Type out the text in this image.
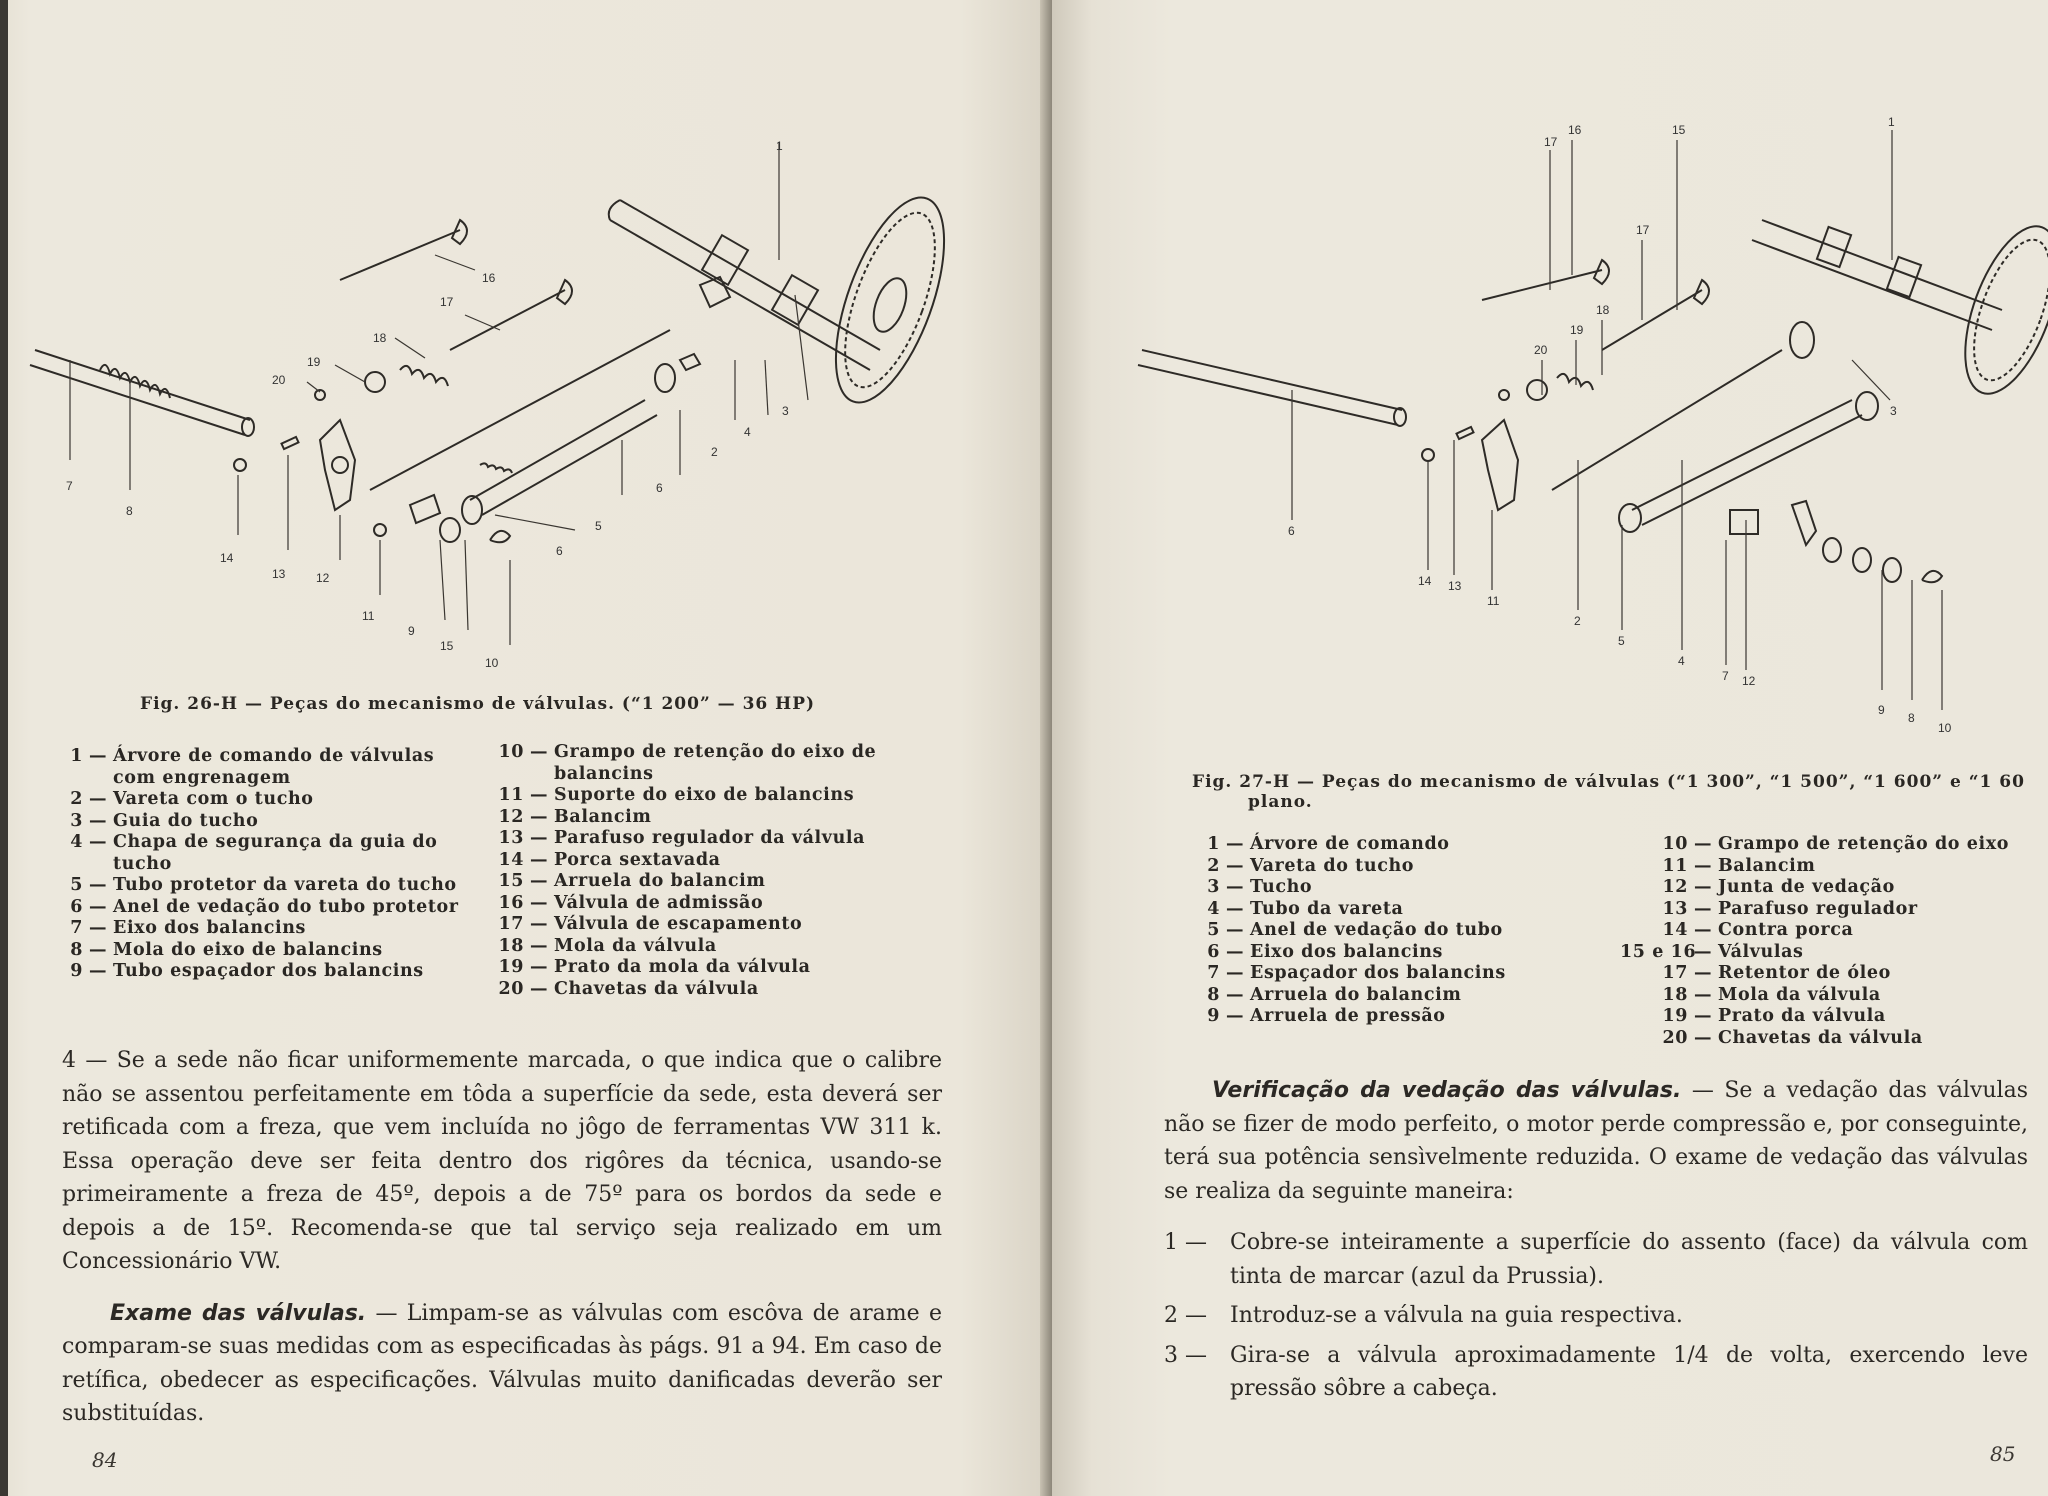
1
16
17
18
19
20
2
3
4
5
6
6
7
8
9
10
11
12
13
14
15
Fig. 26-H — Peças do mecanismo de válvulas. (“1 200” — 36 HP)
1 — Árvore de comando de válvulas com engrenagem
2 — Vareta com o tucho
3 — Guia do tucho
4 — Chapa de segurança da guia do tucho
5 — Tubo protetor da vareta do tucho
6 — Anel de vedação do tubo protetor
7 — Eixo dos balancins
8 — Mola do eixo de balancins
9 — Tubo espaçador dos balancins
10 — Grampo de retenção do eixo de balancins
11 — Suporte do eixo de balancins
12 — Balancim
13 — Parafuso regulador da válvula
14 — Porca sextavada
15 — Arruela do balancim
16 — Válvula de admissão
17 — Válvula de escapamento
18 — Mola da válvula
19 — Prato da mola da válvula
20 — Chavetas da válvula

4 — Se a sede não ficar uniformemente marcada, o que indica que o calibre não se assentou perfeitamente em tôda a superfície da sede, esta deverá ser retificada com a freza, que vem incluída no jôgo de ferramentas VW 311 k. Essa operação deve ser feita dentro dos rigôres da técnica, usando-se primeiramente a freza de 45º, depois a de 75º para os bordos da sede e depois a de 15º. Recomenda-se que tal serviço seja realizado em um Concessionário VW.

Exame das válvulas. — Limpam-se as válvulas com escôva de arame e comparam-se suas medidas com as especificadas às págs. 91 a 94. Em caso de retífica, obedecer as especificações. Válvulas muito danificadas deverão ser substituídas.

84
17
16	15
1
17
18
19
20
3
6
14 13
11
2
5
4
7 12
9
8
10
Fig. 27-H — Peças do mecanismo de válvulas (“1 300”, “1 500”, “1 600” e “1 60
plano.
1 — Árvore de comando
2 — Vareta do tucho
3 — Tucho
4 — Tubo da vareta
5 — Anel de vedação do tubo
6 — Eixo dos balancins
7 — Espaçador dos balancins
8 — Arruela do balancim
9 — Arruela de pressão
10 — Grampo de retenção do eixo
11 — Balancim
12 — Junta de vedação
13 — Parafuso regulador
14 — Contra porca
15 e 16
— Válvulas
17 — Retentor de óleo
18 — Mola da válvula
19 — Prato da válvula
20 — Chavetas da válvula

Verificação da vedação das válvulas. — Se a vedação das válvulas não se fizer de modo perfeito, o motor perde compressão e, por conseguinte, terá sua potência sensìvelmente reduzida. O exame de vedação das válvulas se realiza da seguinte maneira:

1 —	Cobre-se inteiramente a superfície do assento (face) da válvula com tinta de marcar (azul da Prussia).
2 —	Introduz-se a válvula na guia respectiva.
3 —	Gira-se a válvula aproximadamente 1/4 de volta, exercendo leve pressão sôbre a cabeça.
85
